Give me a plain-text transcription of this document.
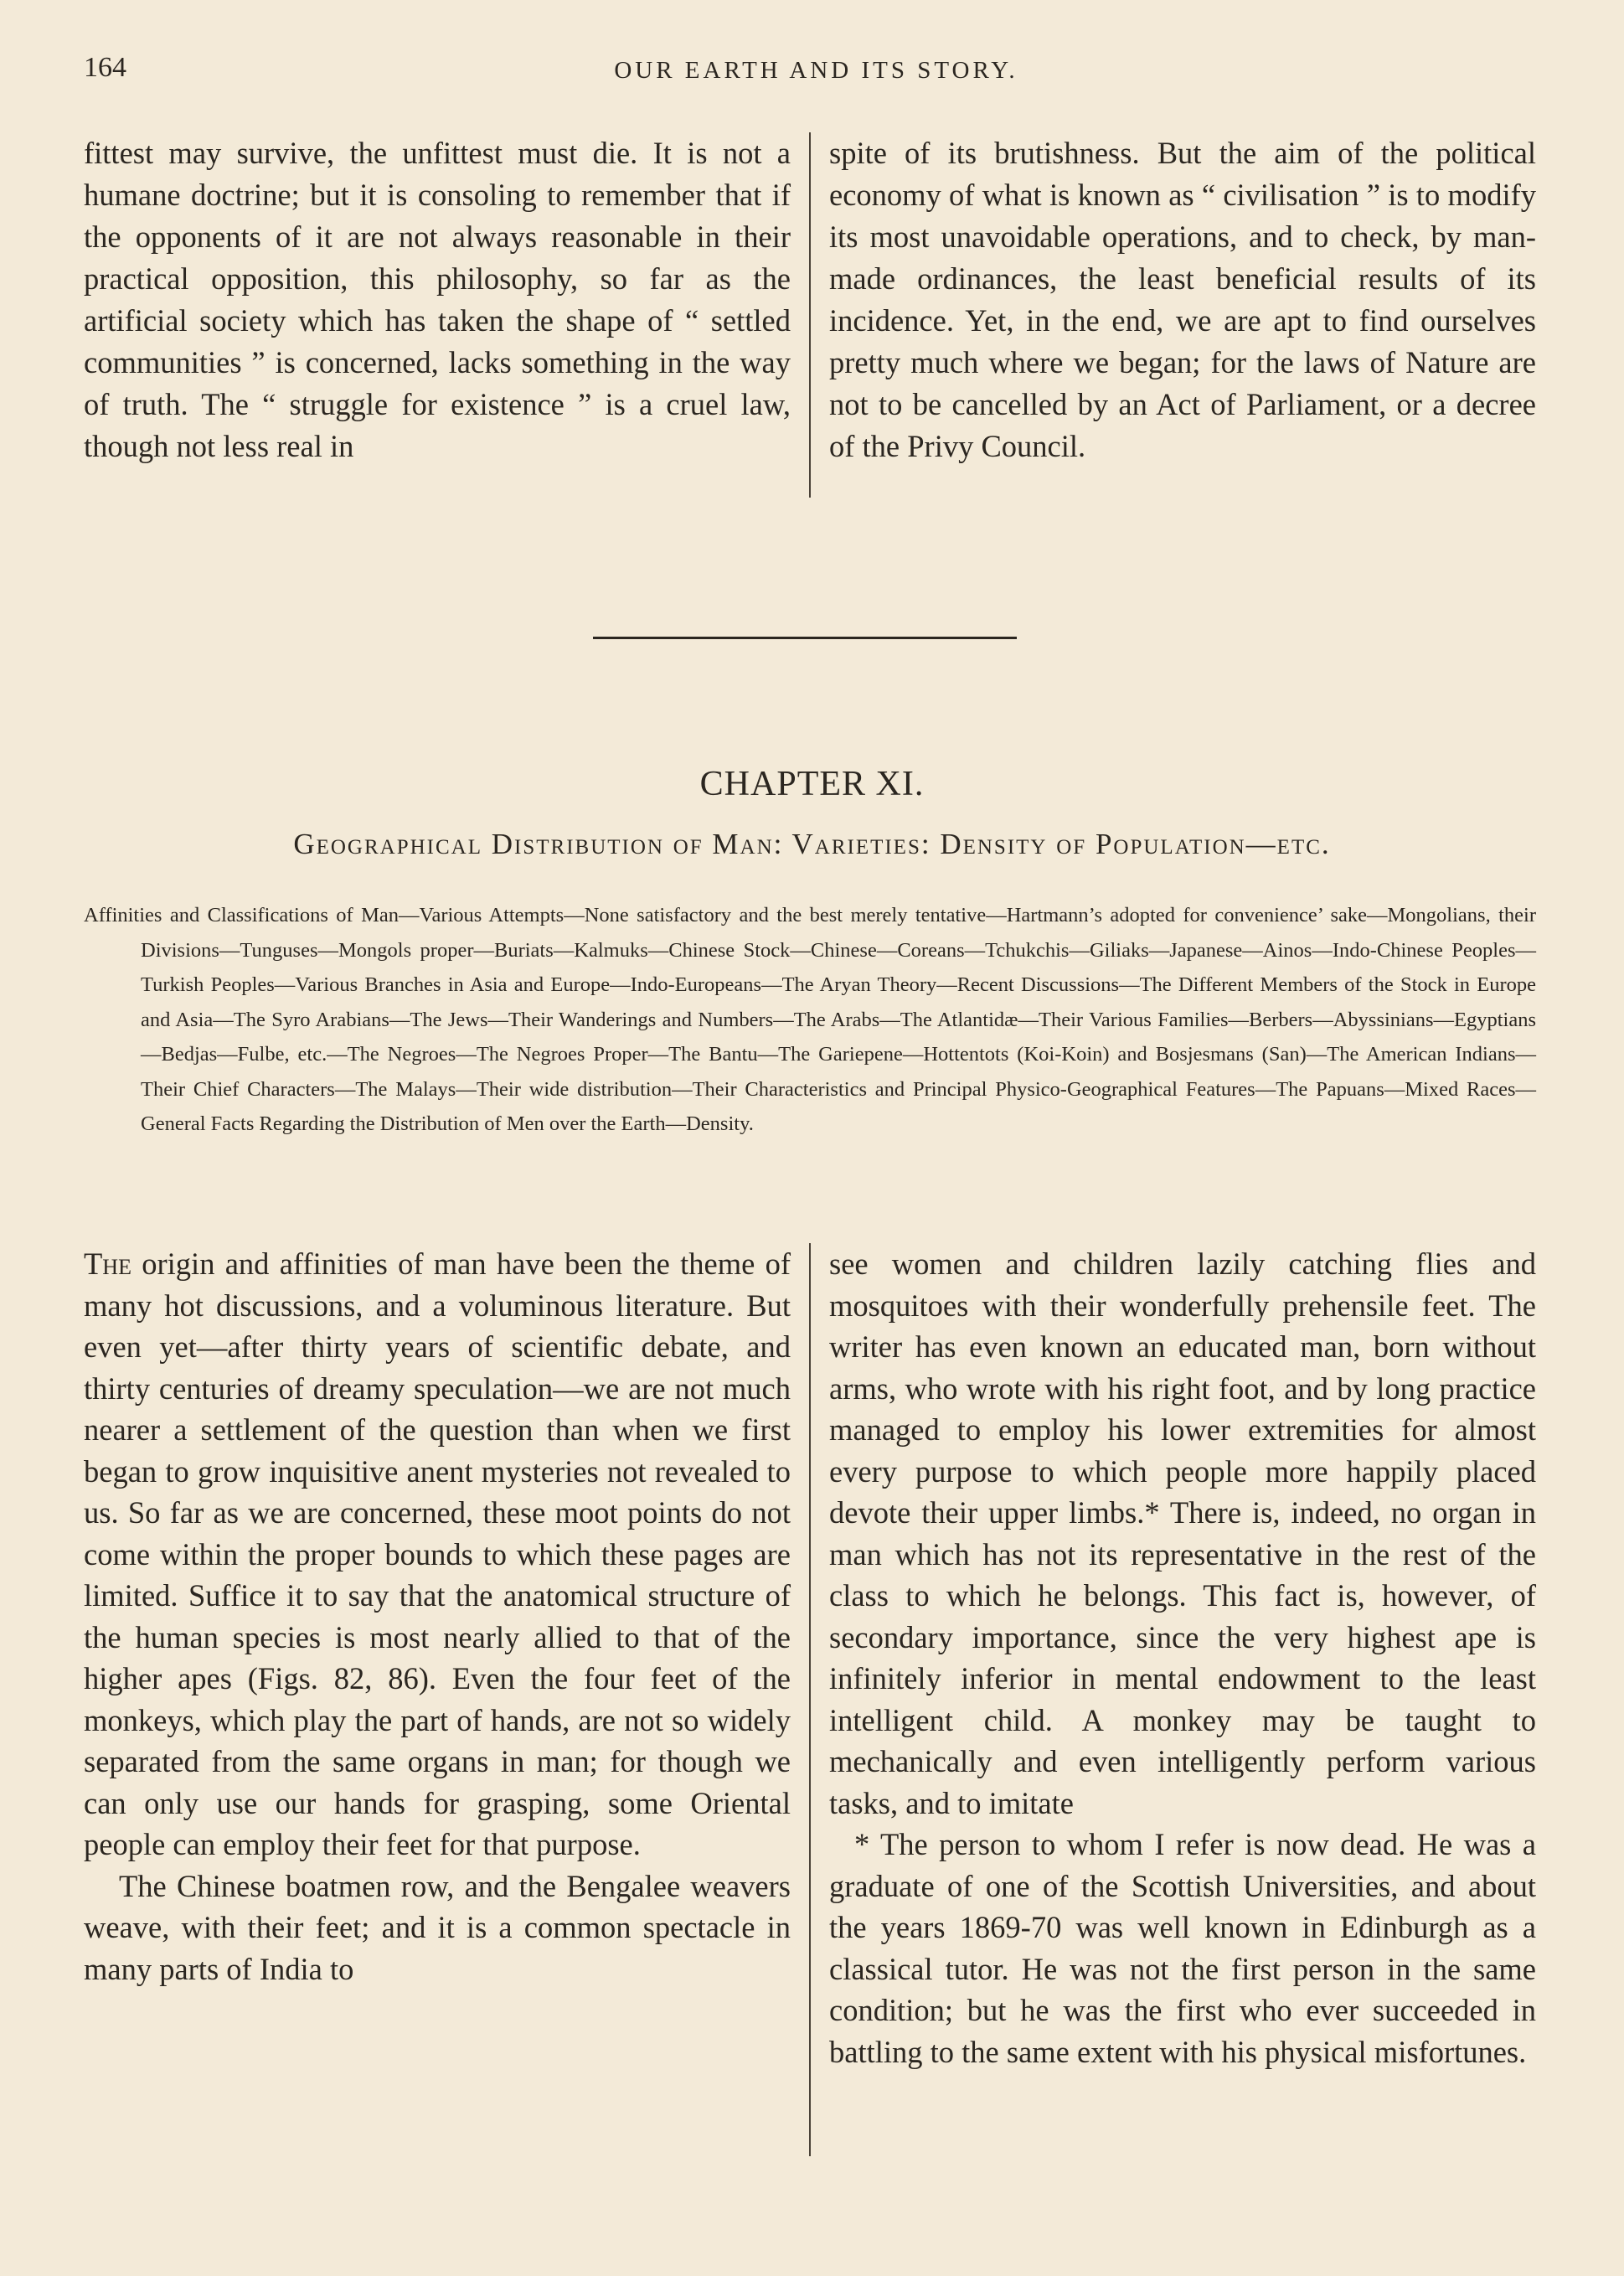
164	OUR EARTH AND ITS STORY.

fittest may survive, the unfittest must die. It is not a humane doctrine; but it is consoling to remember that if the opponents of it are not always reasonable in their practical opposition, this philosophy, so far as the artificial society which has taken the shape of “ settled communities ” is concerned, lacks something in the way of truth. The “ struggle for existence ” is a cruel law, though not less real in

spite of its brutishness. But the aim of the political economy of what is known as “ civilisation ” is to modify its most unavoidable operations, and to check, by man-made ordinances, the least beneficial results of its incidence. Yet, in the end, we are apt to find ourselves pretty much where we began; for the laws of Nature are not to be cancelled by an Act of Parliament, or a decree of the Privy Council.

CHAPTER XI.
Geographical Distribution of Man: Varieties: Density of Population—etc.

Affinities and Classifications of Man—Various Attempts—None satisfactory and the best merely tentative—Hartmann’s adopted for convenience’ sake—Mongolians, their Divisions—Tunguses—Mongols proper—Buriats—Kalmuks—Chinese Stock—Chinese—Coreans—Tchukchis—Giliaks—Japanese—Ainos—Indo-Chinese Peoples—Turkish Peoples—Various Branches in Asia and Europe—Indo-Europeans—The Aryan Theory—Recent Discussions—The Different Members of the Stock in Europe and Asia—The Syro Arabians—The Jews—Their Wanderings and Numbers—The Arabs—The Atlantidæ—Their Various Families—Berbers—Abyssinians—Egyptians—Bedjas—Fulbe, etc.—The Negroes—The Negroes Proper—The Bantu—The Gariepene—Hottentots (Koi-Koin) and Bosjesmans (San)—The American Indians—Their Chief Characters—The Malays—Their wide distribution—Their Characteristics and Principal Physico-Geographical Features—The Papuans—Mixed Races—General Facts Regarding the Distribution of Men over the Earth—Density.

The origin and affinities of man have been the theme of many hot discussions, and a voluminous literature. But even yet—after thirty years of scientific debate, and thirty centuries of dreamy speculation—we are not much nearer a settlement of the question than when we first began to grow inquisitive anent mysteries not revealed to us. So far as we are concerned, these moot points do not come within the proper bounds to which these pages are limited. Suffice it to say that the anatomical structure of the human species is most nearly allied to that of the higher apes (Figs. 82, 86). Even the four feet of the monkeys, which play the part of hands, are not so widely separated from the same organs in man; for though we can only use our hands for grasping, some Oriental people can employ their feet for that purpose.

The Chinese boatmen row, and the Bengalee weavers weave, with their feet; and it is a common spectacle in many parts of India to

see women and children lazily catching flies and mosquitoes with their wonderfully prehensile feet. The writer has even known an educated man, born without arms, who wrote with his right foot, and by long practice managed to employ his lower extremities for almost every purpose to which people more happily placed devote their upper limbs.* There is, indeed, no organ in man which has not its representative in the rest of the class to which he belongs. This fact is, however, of secondary importance, since the very highest ape is infinitely inferior in mental endowment to the least intelligent child. A monkey may be taught to mechanically and even intelligently perform various tasks, and to imitate

* The person to whom I refer is now dead. He was a graduate of one of the Scottish Universities, and about the years 1869-70 was well known in Edinburgh as a classical tutor. He was not the first person in the same condition; but he was the first who ever succeeded in battling to the same extent with his physical misfortunes.
